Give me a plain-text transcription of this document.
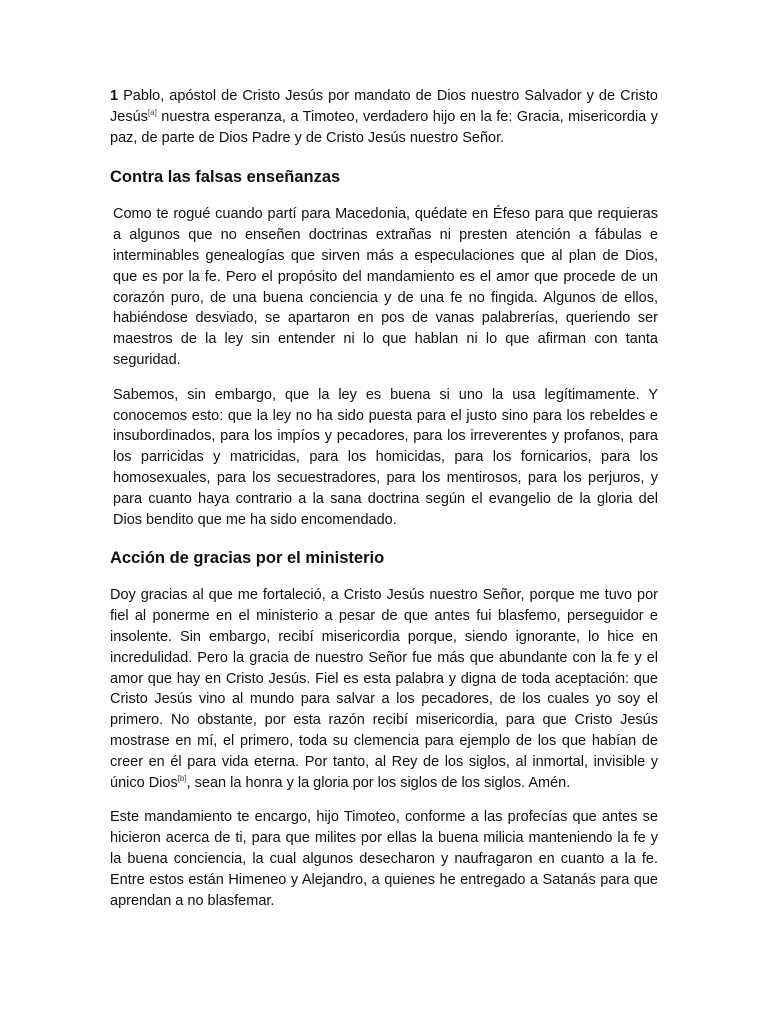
1 Pablo, apóstol de Cristo Jesús por mandato de Dios nuestro Salvador y de Cristo Jesús[a] nuestra esperanza, a Timoteo, verdadero hijo en la fe: Gracia, misericordia y paz, de parte de Dios Padre y de Cristo Jesús nuestro Señor.

Contra las falsas enseñanzas

Como te rogué cuando partí para Macedonia, quédate en Éfeso para que requieras a algunos que no enseñen doctrinas extrañas ni presten atención a fábulas e interminables genealogías que sirven más a especulaciones que al plan de Dios, que es por la fe. Pero el propósito del mandamiento es el amor que procede de un corazón puro, de una buena conciencia y de una fe no fingida. Algunos de ellos, habiéndose desviado, se apartaron en pos de vanas palabrerías, queriendo ser maestros de la ley sin entender ni lo que hablan ni lo que afirman con tanta seguridad.

Sabemos, sin embargo, que la ley es buena si uno la usa legítimamente. Y conocemos esto: que la ley no ha sido puesta para el justo sino para los rebeldes e insubordinados, para los impíos y pecadores, para los irreverentes y profanos, para los parricidas y matricidas, para los homicidas, para los fornicarios, para los homosexuales, para los secuestradores, para los mentirosos, para los perjuros, y para cuanto haya contrario a la sana doctrina según el evangelio de la gloria del Dios bendito que me ha sido encomendado.

Acción de gracias por el ministerio

Doy gracias al que me fortaleció, a Cristo Jesús nuestro Señor, porque me tuvo por fiel al ponerme en el ministerio a pesar de que antes fui blasfemo, perseguidor e insolente. Sin embargo, recibí misericordia porque, siendo ignorante, lo hice en incredulidad. Pero la gracia de nuestro Señor fue más que abundante con la fe y el amor que hay en Cristo Jesús. Fiel es esta palabra y digna de toda aceptación: que Cristo Jesús vino al mundo para salvar a los pecadores, de los cuales yo soy el primero. No obstante, por esta razón recibí misericordia, para que Cristo Jesús mostrase en mí, el primero, toda su clemencia para ejemplo de los que habían de creer en él para vida eterna. Por tanto, al Rey de los siglos, al inmortal, invisible y único Dios[b], sean la honra y la gloria por los siglos de los siglos. Amén.

Este mandamiento te encargo, hijo Timoteo, conforme a las profecías que antes se hicieron acerca de ti, para que milites por ellas la buena milicia manteniendo la fe y la buena conciencia, la cual algunos desecharon y naufragaron en cuanto a la fe. Entre estos están Himeneo y Alejandro, a quienes he entregado a Satanás para que aprendan a no blasfemar.
